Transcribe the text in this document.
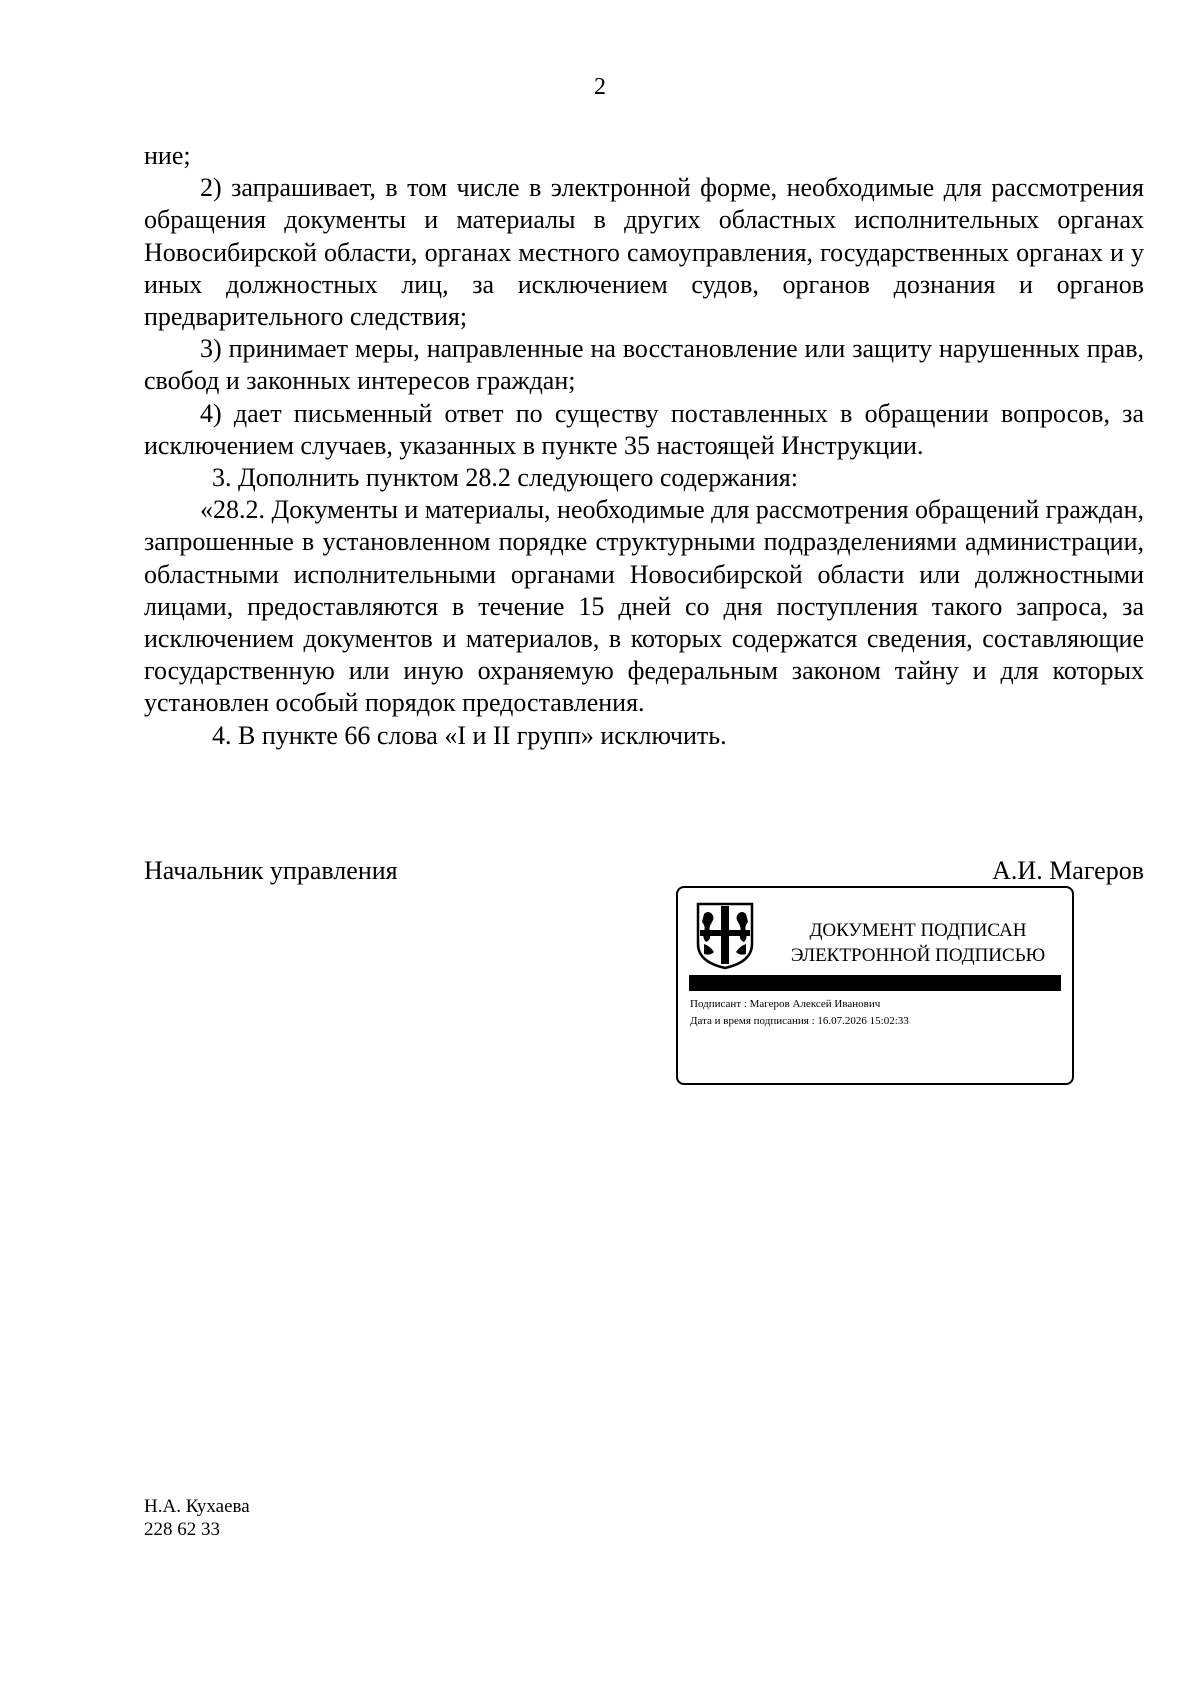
2

ние;

2) запрашивает, в том числе в электронной форме, необходимые для рассмотрения обращения документы и материалы в других областных исполнительных органах Новосибирской области, органах местного самоуправления, государственных органах и у иных должностных лиц, за исключением судов, органов дознания и органов предварительного следствия;

3) принимает меры, направленные на восстановление или защиту нарушенных прав, свобод и законных интересов граждан;

4) дает письменный ответ по существу поставленных в обращении вопросов, за исключением случаев, указанных в пункте 35 настоящей Инструкции.

3. Дополнить пунктом 28.2 следующего содержания:

«28.2. Документы и материалы, необходимые для рассмотрения обращений граждан, запрошенные в установленном порядке структурными подразделениями администрации, областными исполнительными органами Новосибирской области или должностными лицами, предоставляются в течение 15 дней со дня поступления такого запроса, за исключением документов и материалов, в которых содержатся сведения, составляющие государственную или иную охраняемую федеральным законом тайну и для которых установлен особый порядок предоставления.

4. В пункте 66 слова «I и II групп» исключить.

Начальник управления	А.И. Магеров
ДОКУМЕНТ ПОДПИСАН
ЭЛЕКТРОННОЙ ПОДПИСЬЮ
Подписант : Магеров Алексей Иванович
Дата и время подписания : 16.07.2026 15:02:33
Н.А. Кухаева
228 62 33
